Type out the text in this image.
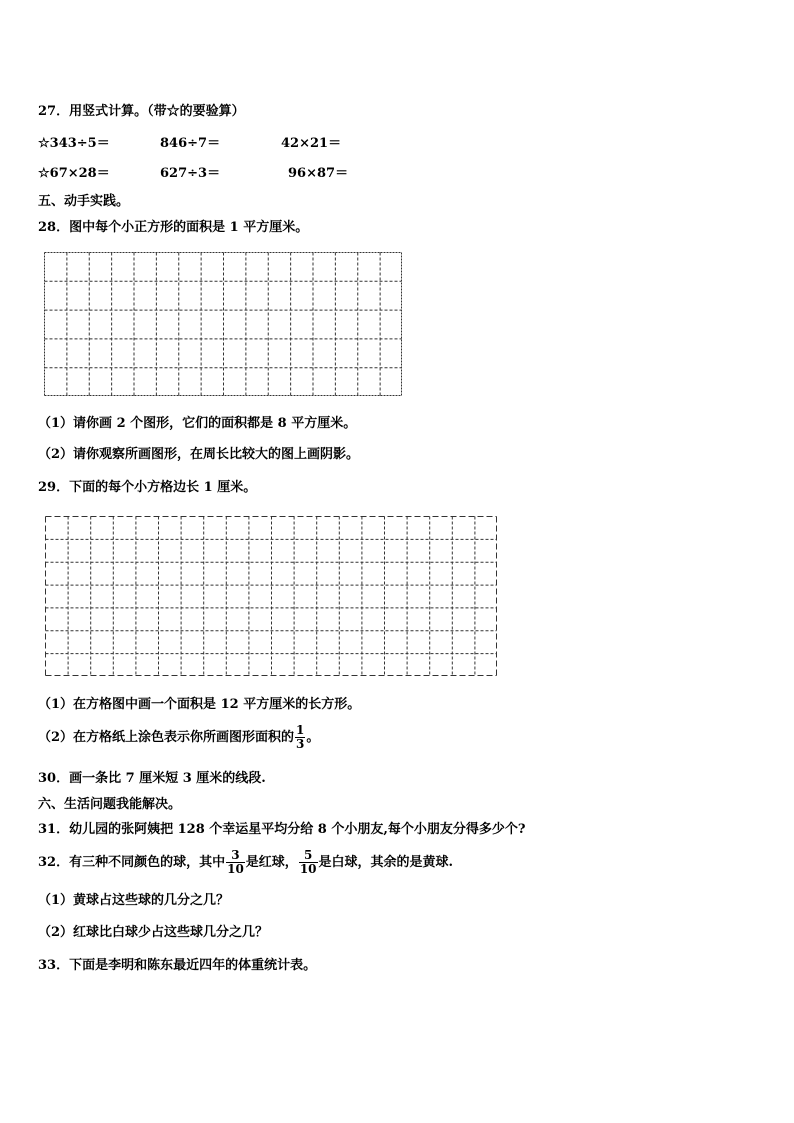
27．用竖式计算。（带☆的要验算）
☆343÷5＝	846÷7＝	42×21＝
☆67×28＝	627÷3＝	96×87＝
五、动手实践。
28．图中每个小正方形的面积是 1 平方厘米。
（1）请你画 2 个图形，它们的面积都是 8 平方厘米。
（2）请你观察所画图形，在周长比较大的图上画阴影。
29．下面的每个小方格边长 1 厘米。
（1）在方格图中画一个面积是 12 平方厘米的长方形。
（2）在方格纸上涂色表示你所画图形面积的 $\frac{1}{3}$ 。
30．画一条比 7 厘米短 3 厘米的线段.
六、生活问题我能解决。
31．幼儿园的张阿姨把 128 个幸运星平均分给 8 个小朋友,每个小朋友分得多少个?
32．有三种不同颜色的球，其中 $\frac{3}{10}$ 是红球， $\frac{5}{10}$ 是白球，其余的是黄球.
（1）黄球占这些球的几分之几？
（2）红球比白球少占这些球几分之几？
33．下面是李明和陈东最近四年的体重统计表。
